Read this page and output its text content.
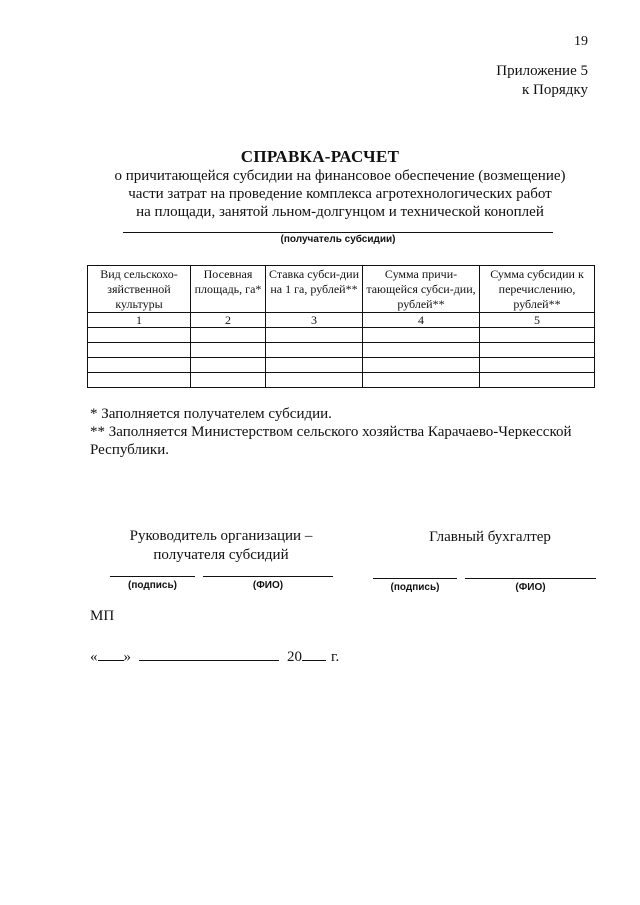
19
Приложение 5
к Порядку
СПРАВКА-РАСЧЕТ
о причитающейся субсидии на финансовое обеспечение (возмещение)
части затрат на проведение комплекса агротехнологических работ
на площади, занятой льном-долгунцом и технической коноплей
(получатель субсидии)
Вид сельскохо-зяйственной культуры	Посевная площадь, га*	Ставка субси-дии на 1 га, рублей**	Сумма причи-тающейся субси-дии, рублей**	Сумма субсидии к перечислению, рублей**
1	2	3	4	5

* Заполняется получателем субсидии.

** Заполняется Министерством сельского хозяйства Карачаево-Черкесской Республики.

Руководитель организации –
получателя субсидий
Главный бухгалтер
(подпись)	(ФИО)	(подпись)	(ФИО)
МП
« »	20 г.
